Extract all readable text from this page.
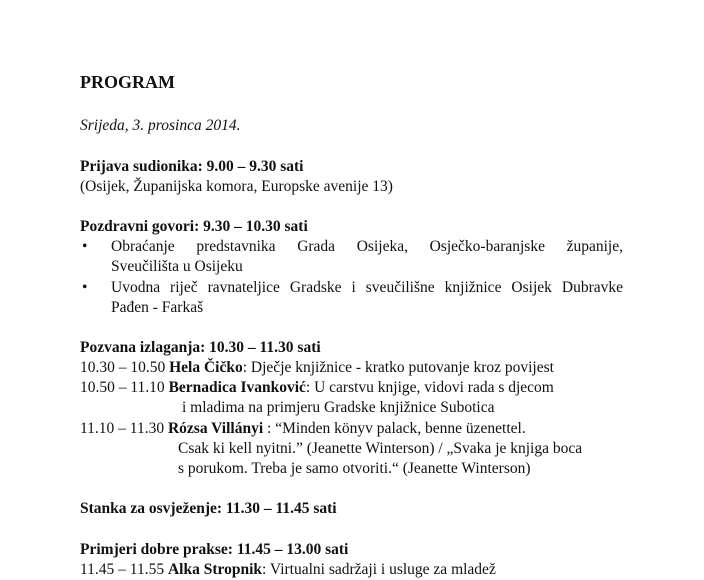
PROGRAM
Srijeda, 3. prosinca 2014.
Prijava sudionika: 9.00 – 9.30 sati
(Osijek, Županijska komora, Europske avenije 13)
Pozdravni govori: 9.30 – 10.30 sati
• Obraćanje predstavnika Grada Osijeka, Osječko-baranjske županije,
Sveučilišta u Osijeku
• Uvodna riječ ravnateljice Gradske i sveučilišne knjižnice Osijek Dubravke
Pađen - Farkaš
Pozvana izlaganja: 10.30 – 11.30 sati
10.30 – 10.50 Hela Čičko: Dječje knjižnice - kratko putovanje kroz povijest
10.50 – 11.10 Bernadica Ivanković: U carstvu knjige, vidovi rada s djecom
i mladima na primjeru Gradske knjižnice Subotica
11.10 – 11.30 Rózsa Villányi : “Minden könyv palack, benne üzenettel.
Csak ki kell nyitni.” (Jeanette Winterson) / „Svaka je knjiga boca
s porukom. Treba je samo otvoriti.“ (Jeanette Winterson)
Stanka za osvježenje: 11.30 – 11.45 sati
Primjeri dobre prakse: 11.45 – 13.00 sati
11.45 – 11.55 Alka Stropnik: Virtualni sadržaji i usluge za mladež
